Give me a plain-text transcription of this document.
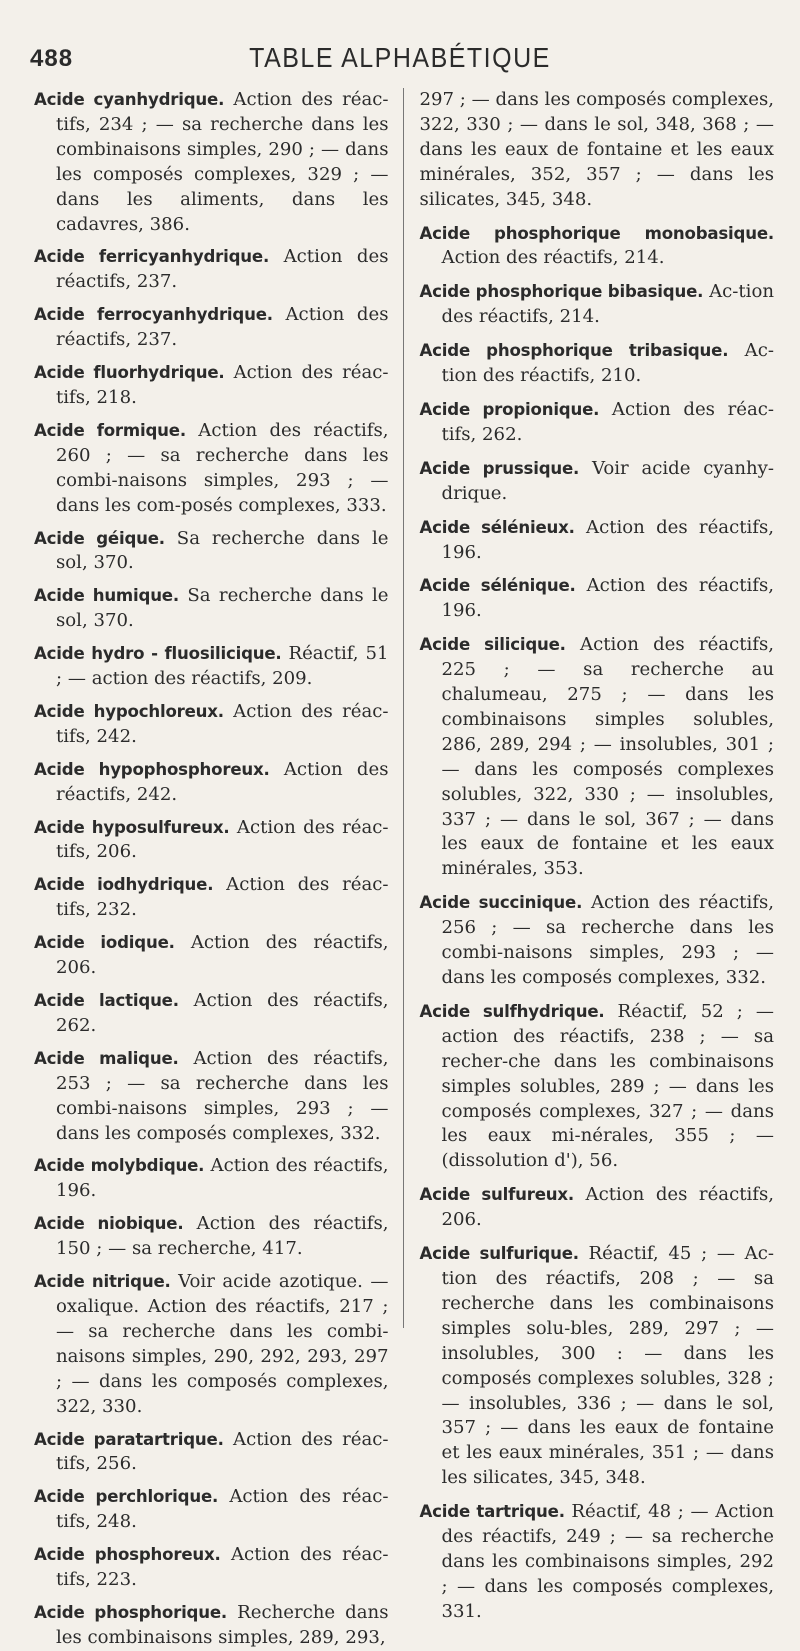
488	TABLE ALPHABÉTIQUE

Acide cyanhydrique. Action des réac-tifs, 234 ; — sa recherche dans les combinaisons simples, 290 ; — dans les composés complexes, 329 ; — dans les aliments, dans les cadavres, 386.

Acide ferricyanhydrique. Action des réactifs, 237.

Acide ferrocyanhydrique. Action des réactifs, 237.

Acide fluorhydrique. Action des réac-tifs, 218.

Acide formique. Action des réactifs, 260 ; — sa recherche dans les combi-naisons simples, 293 ; — dans les com-posés complexes, 333.

Acide géique. Sa recherche dans le sol, 370.

Acide humique. Sa recherche dans le sol, 370.

Acide hydro - fluosilicique. Réactif, 51 ; — action des réactifs, 209.

Acide hypochloreux. Action des réac-tifs, 242.

Acide hypophosphoreux. Action des réactifs, 242.

Acide hyposulfureux. Action des réac-tifs, 206.

Acide iodhydrique. Action des réac-tifs, 232.

Acide iodique. Action des réactifs, 206.

Acide lactique. Action des réactifs, 262.

Acide malique. Action des réactifs, 253 ; — sa recherche dans les combi-naisons simples, 293 ; — dans les composés complexes, 332.

Acide molybdique. Action des réactifs, 196.

Acide niobique. Action des réactifs, 150 ; — sa recherche, 417.

Acide nitrique. Voir acide azotique. — oxalique. Action des réactifs, 217 ; — sa recherche dans les combi-naisons simples, 290, 292, 293, 297 ; — dans les composés complexes, 322, 330.

Acide paratartrique. Action des réac-tifs, 256.

Acide perchlorique. Action des réac-tifs, 248.

Acide phosphoreux. Action des réac-tifs, 223.

Acide phosphorique. Recherche dans les combinaisons simples, 289, 293,

297 ; — dans les composés complexes, 322, 330 ; — dans le sol, 348, 368 ; — dans les eaux de fontaine et les eaux minérales, 352, 357 ; — dans les silicates, 345, 348.

Acide phosphorique monobasique. Action des réactifs, 214.

Acide phosphorique bibasique. Ac-tion des réactifs, 214.

Acide phosphorique tribasique. Ac-tion des réactifs, 210.

Acide propionique. Action des réac-tifs, 262.

Acide prussique. Voir acide cyanhy-drique.

Acide sélénieux. Action des réactifs, 196.

Acide sélénique. Action des réactifs, 196.

Acide silicique. Action des réactifs, 225 ; — sa recherche au chalumeau, 275 ; — dans les combinaisons simples solubles, 286, 289, 294 ; — insolubles, 301 ; — dans les composés complexes solubles, 322, 330 ; — insolubles, 337 ; — dans le sol, 367 ; — dans les eaux de fontaine et les eaux minérales, 353.

Acide succinique. Action des réactifs, 256 ; — sa recherche dans les combi-naisons simples, 293 ; — dans les composés complexes, 332.

Acide sulfhydrique. Réactif, 52 ; — action des réactifs, 238 ; — sa recher-che dans les combinaisons simples solubles, 289 ; — dans les composés complexes, 327 ; — dans les eaux mi-nérales, 355 ; — (dissolution d'), 56.

Acide sulfureux. Action des réactifs, 206.

Acide sulfurique. Réactif, 45 ; — Ac-tion des réactifs, 208 ; — sa recherche dans les combinaisons simples solu-bles, 289, 297 ; — insolubles, 300 : — dans les composés complexes solubles, 328 ; — insolubles, 336 ; — dans le sol, 357 ; — dans les eaux de fontaine et les eaux minérales, 351 ; — dans les silicates, 345, 348.

Acide tartrique. Réactif, 48 ; — Action des réactifs, 249 ; — sa recherche dans les combinaisons simples, 292 ; — dans les composés complexes, 331.
